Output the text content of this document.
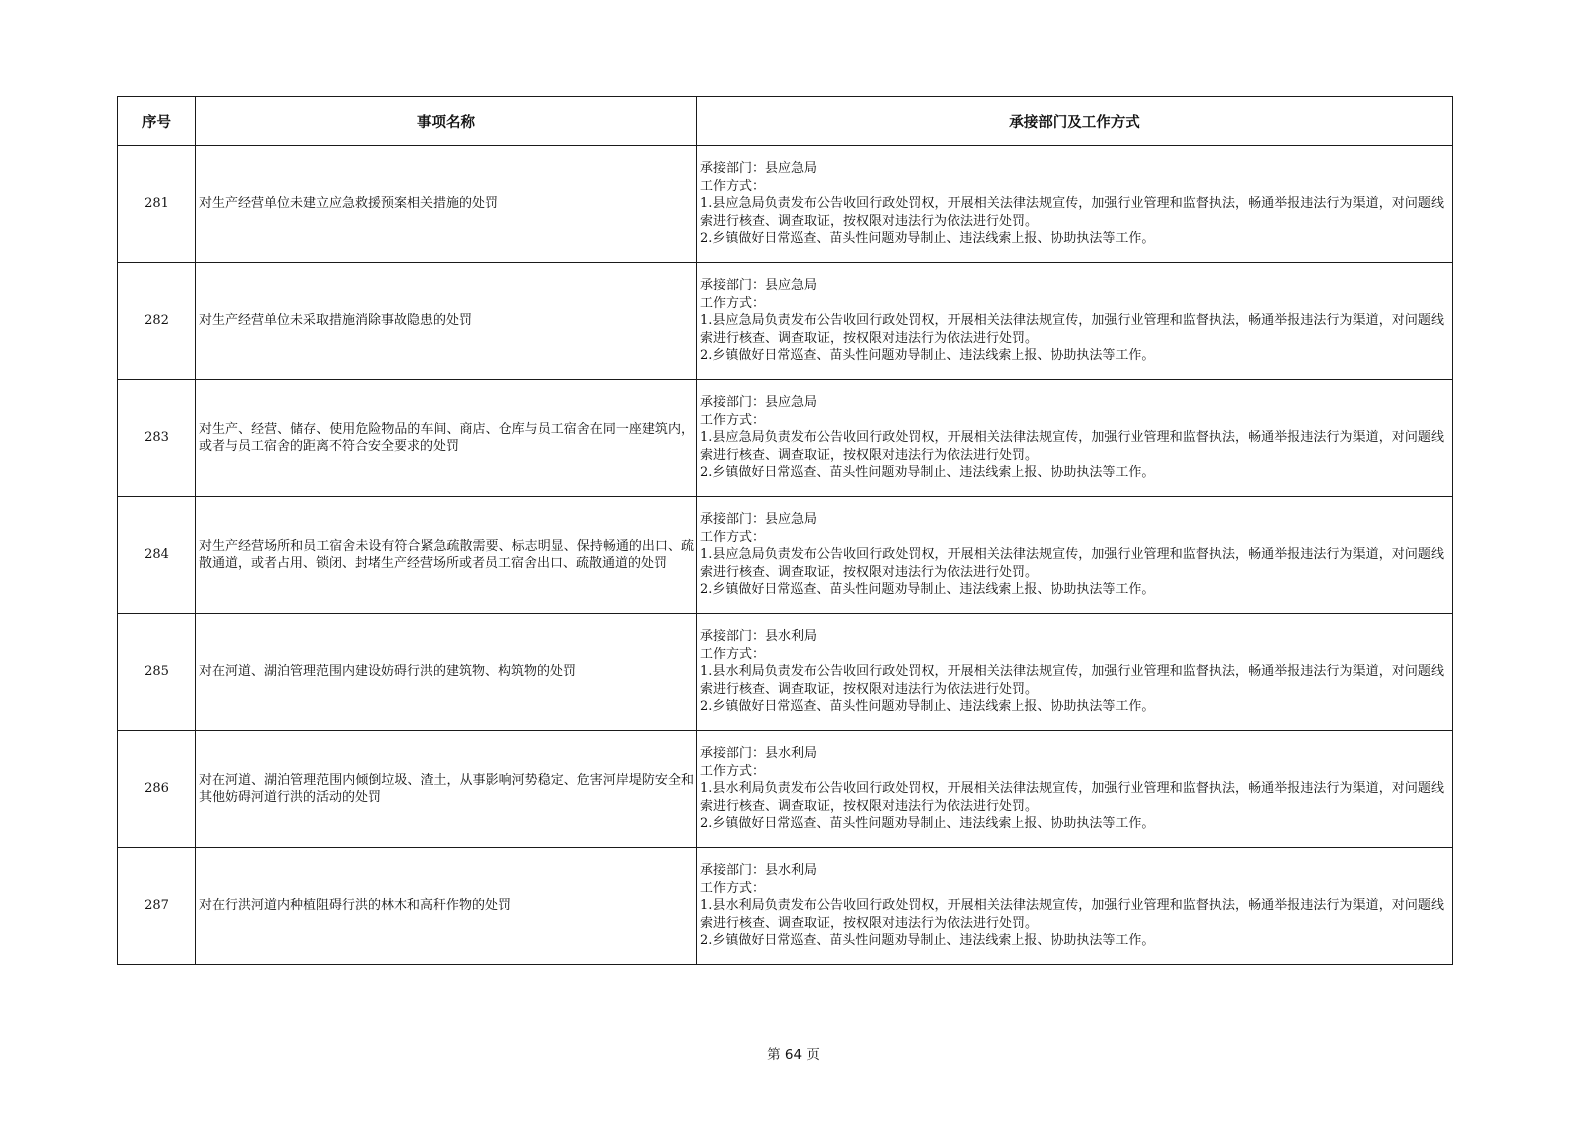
序号	事项名称	承接部门及工作方式
281	对生产经营单位未建立应急救援预案相关措施的处罚	承接部门：县应急局
工作方式：
1.县应急局负责发布公告收回行政处罚权，开展相关法律法规宣传，加强行业管理和监督执法，畅通举报违法行为渠道，对问题线索进行核查、调查取证，按权限对违法行为依法进行处罚。
2.乡镇做好日常巡查、苗头性问题劝导制止、违法线索上报、协助执法等工作。

282	对生产经营单位未采取措施消除事故隐患的处罚	承接部门：县应急局
工作方式：
1.县应急局负责发布公告收回行政处罚权，开展相关法律法规宣传，加强行业管理和监督执法，畅通举报违法行为渠道，对问题线索进行核查、调查取证，按权限对违法行为依法进行处罚。
2.乡镇做好日常巡查、苗头性问题劝导制止、违法线索上报、协助执法等工作。

283	对生产、经营、储存、使用危险物品的车间、商店、仓库与员工宿舍在同一座建筑内，或者与员工宿舍的距离不符合安全要求的处罚	承接部门：县应急局
工作方式：
1.县应急局负责发布公告收回行政处罚权，开展相关法律法规宣传，加强行业管理和监督执法，畅通举报违法行为渠道，对问题线索进行核查、调查取证，按权限对违法行为依法进行处罚。
2.乡镇做好日常巡查、苗头性问题劝导制止、违法线索上报、协助执法等工作。

284	对生产经营场所和员工宿舍未设有符合紧急疏散需要、标志明显、保持畅通的出口、疏散通道，或者占用、锁闭、封堵生产经营场所或者员工宿舍出口、疏散通道的处罚	承接部门：县应急局
工作方式：
1.县应急局负责发布公告收回行政处罚权，开展相关法律法规宣传，加强行业管理和监督执法，畅通举报违法行为渠道，对问题线索进行核查、调查取证，按权限对违法行为依法进行处罚。
2.乡镇做好日常巡查、苗头性问题劝导制止、违法线索上报、协助执法等工作。

285	对在河道、湖泊管理范围内建设妨碍行洪的建筑物、构筑物的处罚	承接部门：县水利局
工作方式：
1.县水利局负责发布公告收回行政处罚权，开展相关法律法规宣传，加强行业管理和监督执法，畅通举报违法行为渠道，对问题线索进行核查、调查取证，按权限对违法行为依法进行处罚。
2.乡镇做好日常巡查、苗头性问题劝导制止、违法线索上报、协助执法等工作。

286	对在河道、湖泊管理范围内倾倒垃圾、渣土，从事影响河势稳定、危害河岸堤防安全和其他妨碍河道行洪的活动的处罚	承接部门：县水利局
工作方式：
1.县水利局负责发布公告收回行政处罚权，开展相关法律法规宣传，加强行业管理和监督执法，畅通举报违法行为渠道，对问题线索进行核查、调查取证，按权限对违法行为依法进行处罚。
2.乡镇做好日常巡查、苗头性问题劝导制止、违法线索上报、协助执法等工作。

287	对在行洪河道内种植阻碍行洪的林木和高秆作物的处罚	承接部门：县水利局
工作方式：
1.县水利局负责发布公告收回行政处罚权，开展相关法律法规宣传，加强行业管理和监督执法，畅通举报违法行为渠道，对问题线索进行核查、调查取证，按权限对违法行为依法进行处罚。
2.乡镇做好日常巡查、苗头性问题劝导制止、违法线索上报、协助执法等工作。
第 64 页
